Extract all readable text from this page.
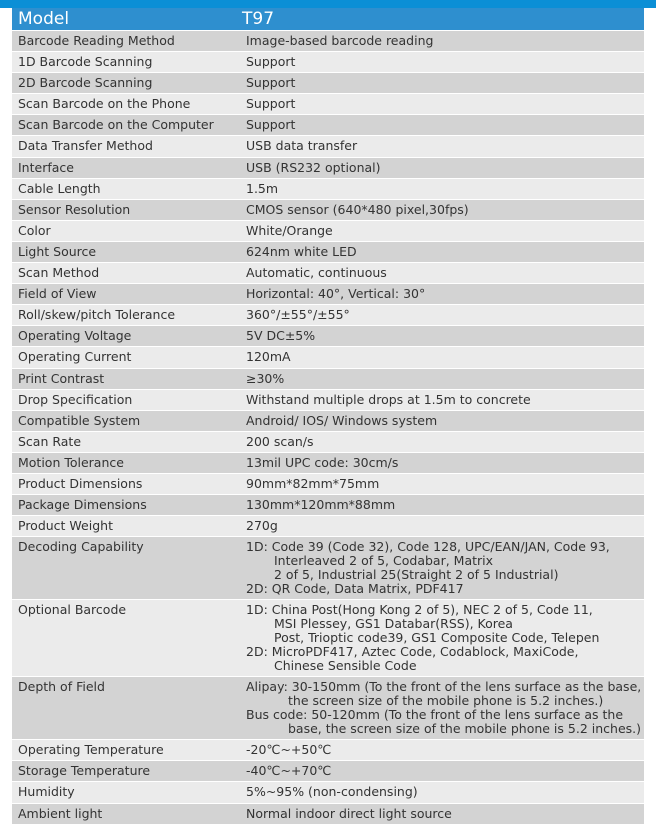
Model	T97
Barcode Reading Method	Image-based barcode reading
1D Barcode Scanning	Support
2D Barcode Scanning	Support
Scan Barcode on the Phone	Support
Scan Barcode on the Computer	Support
Data Transfer Method	USB data transfer
Interface	USB (RS232 optional)
Cable Length	1.5m
Sensor Resolution	CMOS sensor (640*480 pixel,30fps)
Color	White/Orange
Light Source	624nm white LED
Scan Method	Automatic, continuous
Field of View	Horizontal: 40°, Vertical: 30°
Roll/skew/pitch Tolerance	360°/±55°/±55°
Operating Voltage	5V DC±5%
Operating Current	120mA
Print Contrast	≥30%
Drop Specification	Withstand multiple drops at 1.5m to concrete
Compatible System	Android/ IOS/ Windows system
Scan Rate	200 scan/s
Motion Tolerance	13mil UPC code: 30cm/s
Product Dimensions	90mm*82mm*75mm
Package Dimensions	130mm*120mm*88mm
Product Weight	270g
Decoding Capability	1D: Code 39 (Code 32), Code 128, UPC/EAN/JAN, Code 93,
Interleaved 2 of 5, Codabar, Matrix
2 of 5, Industrial 25(Straight 2 of 5 Industrial)
2D: QR Code, Data Matrix, PDF417

Optional Barcode	1D: China Post(Hong Kong 2 of 5), NEC 2 of 5, Code 11,
MSI Plessey, GS1 Databar(RSS), Korea
Post, Trioptic code39, GS1 Composite Code, Telepen
2D: MicroPDF417, Aztec Code, Codablock, MaxiCode,
Chinese Sensible Code

Depth of Field	Alipay: 30-150mm (To the front of the lens surface as the base,
the screen size of the mobile phone is 5.2 inches.)
Bus code: 50-120mm (To the front of the lens surface as the
base, the screen size of the mobile phone is 5.2 inches.)

Operating Temperature	-20℃~+50℃
Storage Temperature	-40℃~+70℃
Humidity	5%~95% (non-condensing)
Ambient light	Normal indoor direct light source
